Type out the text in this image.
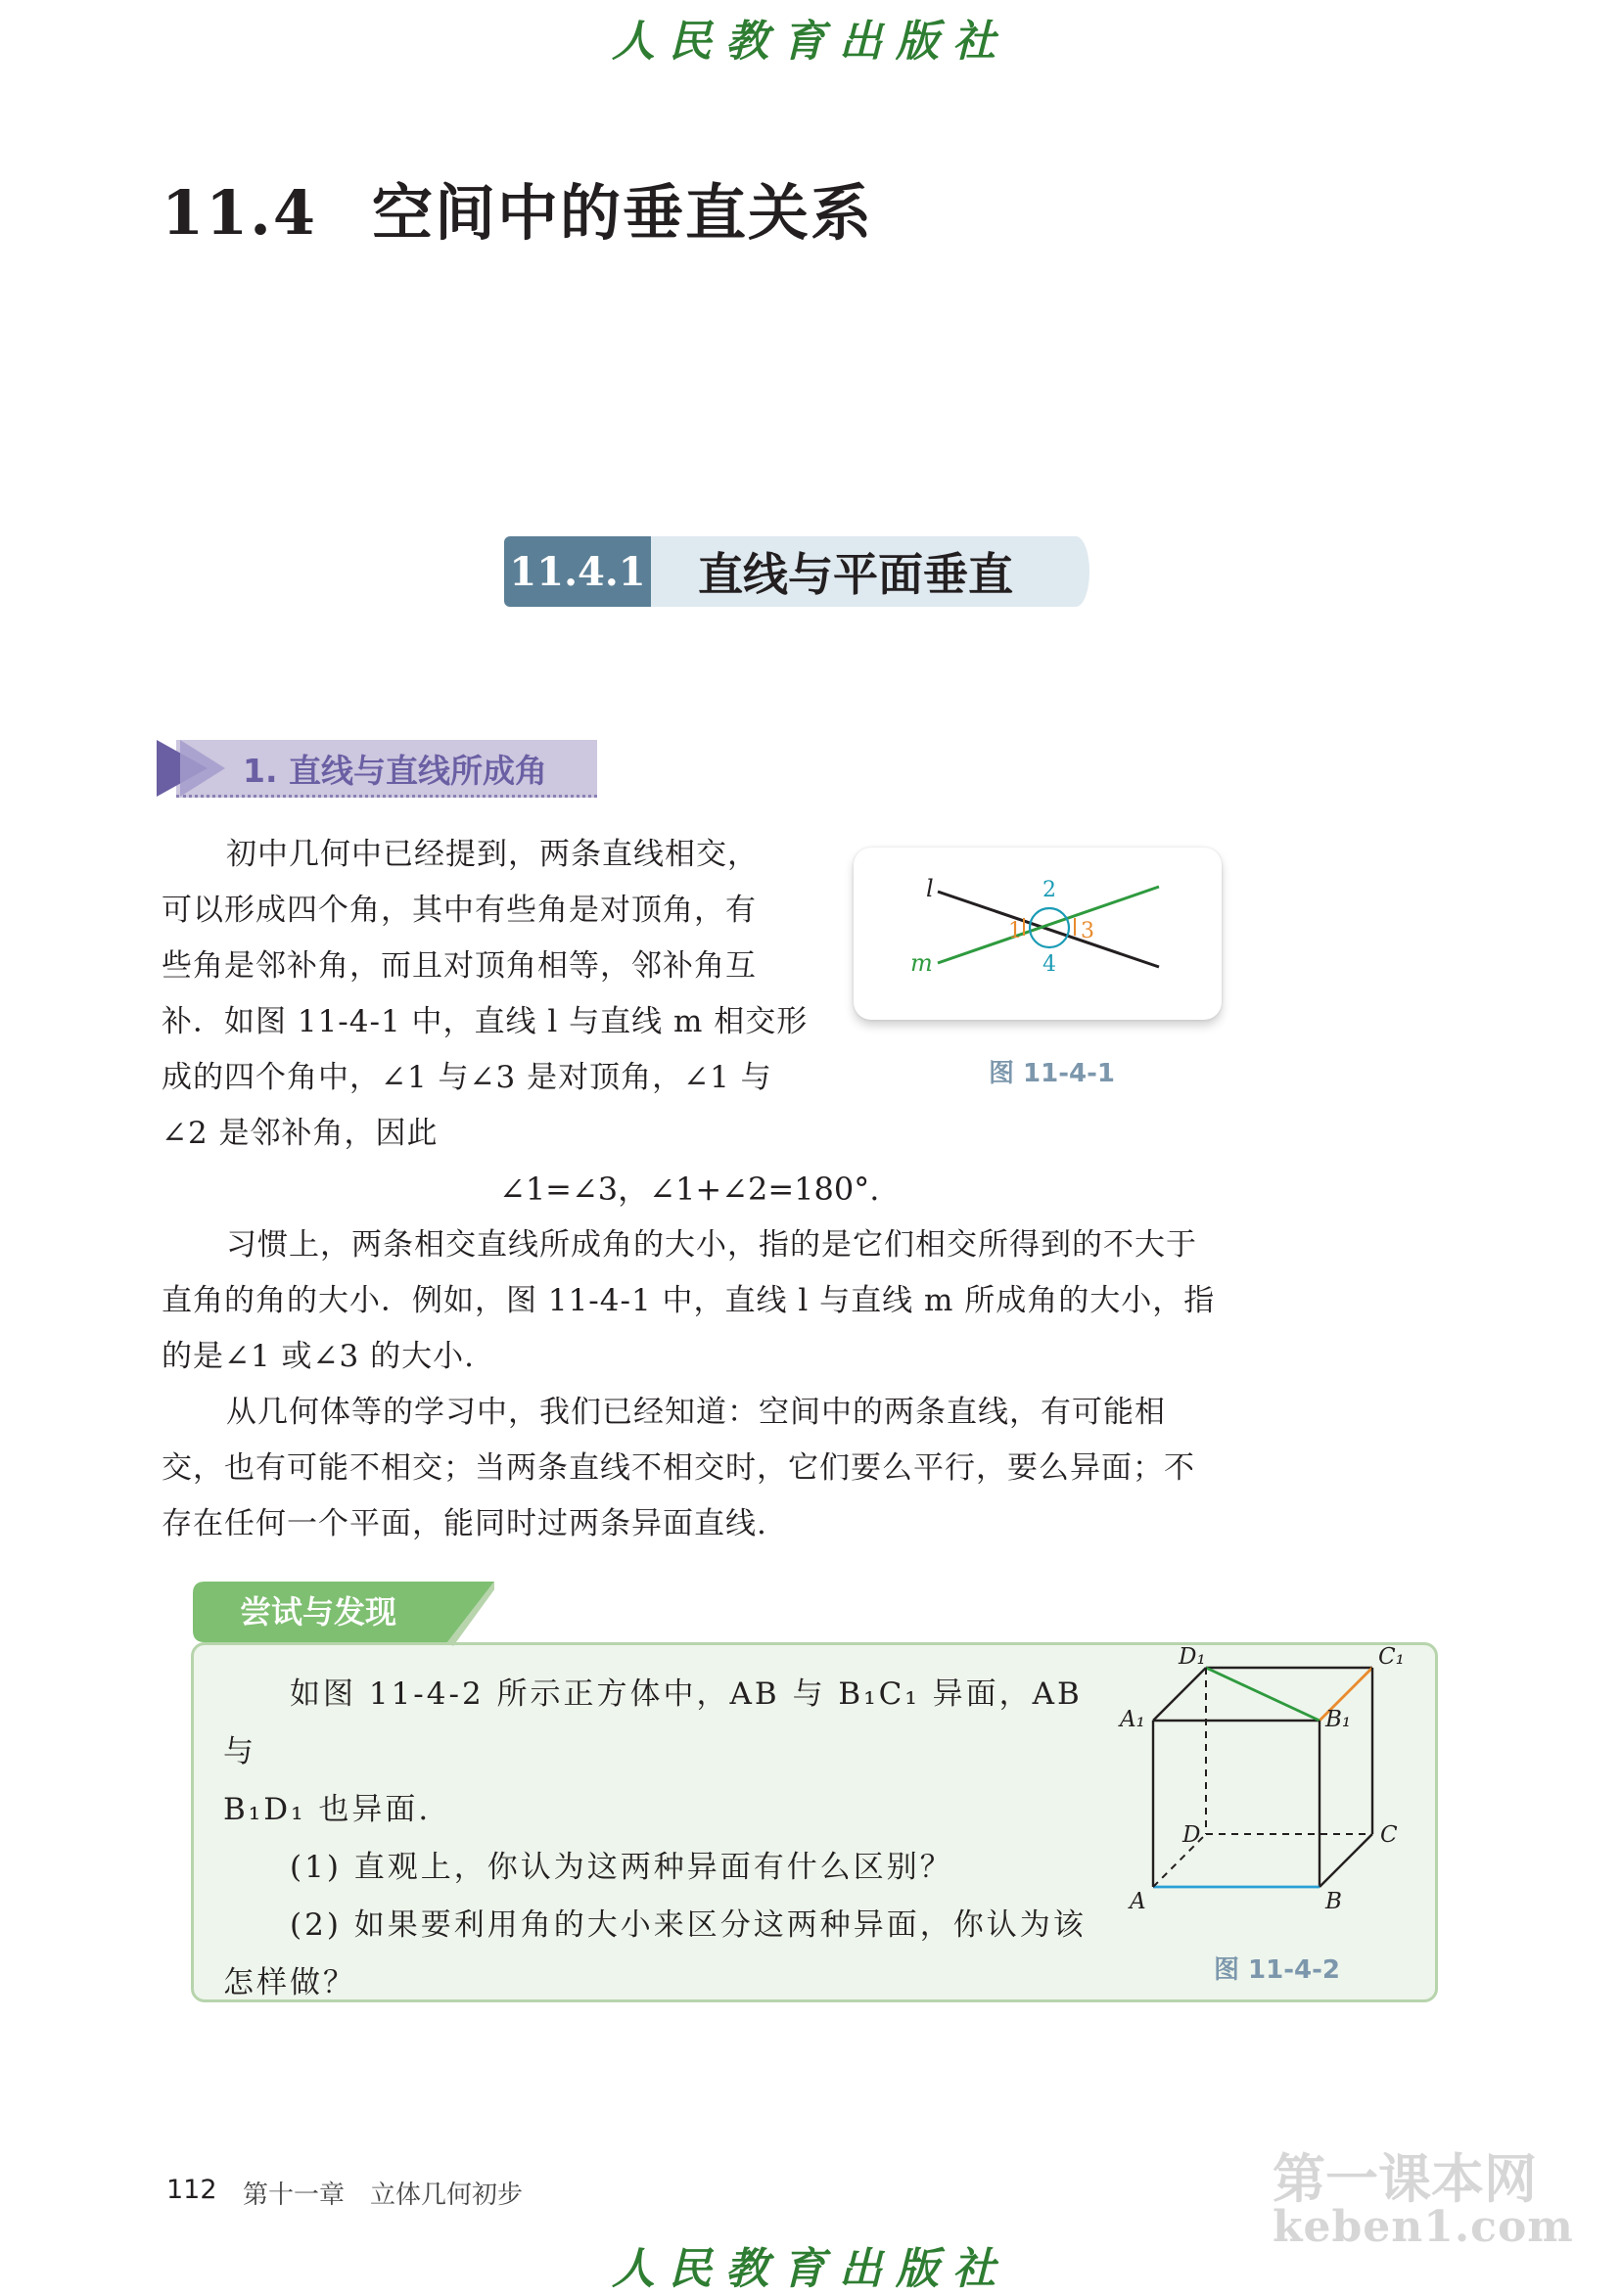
人民教育出版社
11.4 空间中的垂直关系
11.4.1	直线与平面垂直
1. 直线与直线所成角

初中几何中已经提到，两条直线相交，

可以形成四个角，其中有些角是对顶角，有

些角是邻补角，而且对顶角相等，邻补角互

补．如图 11-4-1 中，直线 l 与直线 m 相交形

成的四个角中，∠1 与∠3 是对顶角，∠1 与

∠2 是邻补角，因此

l
m
1
2
3
4
图 11-4-1
∠1=∠3，∠1+∠2=180°.

习惯上，两条相交直线所成角的大小，指的是它们相交所得到的不大于

直角的角的大小．例如，图 11-4-1 中，直线 l 与直线 m 所成角的大小，指

的是∠1 或∠3 的大小.

从几何体等的学习中，我们已经知道：空间中的两条直线，有可能相

交，也有可能不相交；当两条直线不相交时，它们要么平行，要么异面；不

存在任何一个平面，能同时过两条异面直线.

尝试与发现

如图 11-4-2 所示正方体中，AB 与 B₁C₁ 异面，AB 与

B₁D₁ 也异面.

(1) 直观上，你认为这两种异面有什么区别？

(2) 如果要利用角的大小来区分这两种异面，你认为该

怎样做？

D₁	C₁
A₁	B₁
D	C
A	B
图 11-4-2
112 第十一章 立体几何初步	第一课本网
keben1.com
人民教育出版社
